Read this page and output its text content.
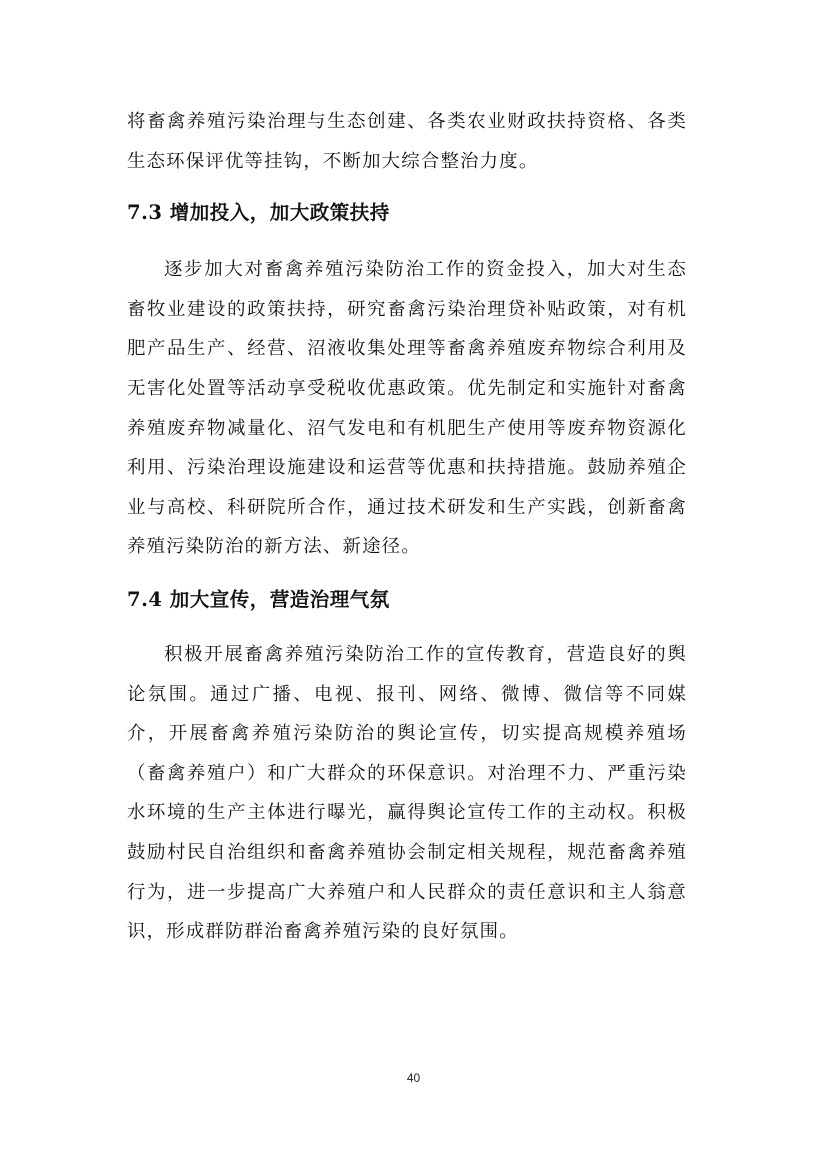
将畜禽养殖污染治理与生态创建、各类农业财政扶持资格、各类生态环保评优等挂钩，不断加大综合整治力度。

7.3 增加投入，加大政策扶持

逐步加大对畜禽养殖污染防治工作的资金投入，加大对生态畜牧业建设的政策扶持，研究畜禽污染治理贷补贴政策，对有机肥产品生产、经营、沼液收集处理等畜禽养殖废弃物综合利用及无害化处置等活动享受税收优惠政策。优先制定和实施针对畜禽养殖废弃物减量化、沼气发电和有机肥生产使用等废弃物资源化利用、污染治理设施建设和运营等优惠和扶持措施。鼓励养殖企业与高校、科研院所合作，通过技术研发和生产实践，创新畜禽养殖污染防治的新方法、新途径。

7.4 加大宣传，营造治理气氛

积极开展畜禽养殖污染防治工作的宣传教育，营造良好的舆论氛围。通过广播、电视、报刊、网络、微博、微信等不同媒介，开展畜禽养殖污染防治的舆论宣传，切实提高规模养殖场（畜禽养殖户）和广大群众的环保意识。对治理不力、严重污染水环境的生产主体进行曝光，赢得舆论宣传工作的主动权。积极鼓励村民自治组织和畜禽养殖协会制定相关规程，规范畜禽养殖行为，进一步提高广大养殖户和人民群众的责任意识和主人翁意识，形成群防群治畜禽养殖污染的良好氛围。

40
